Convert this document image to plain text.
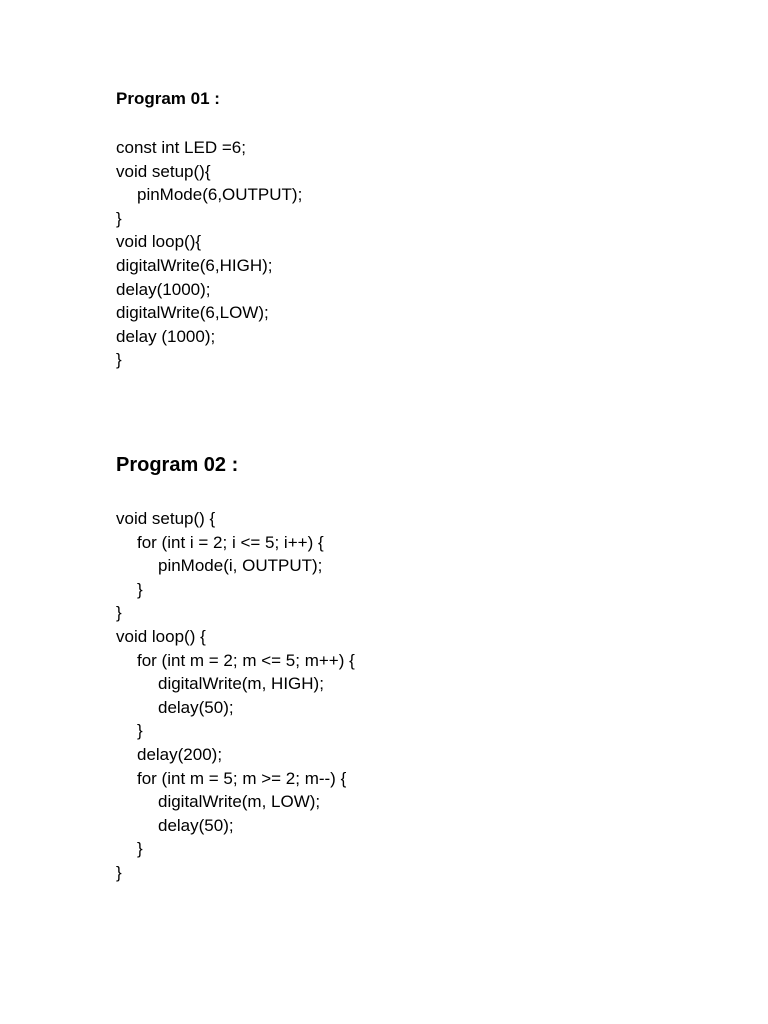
Program 01 :
const int LED =6;
void setup(){
pinMode(6,OUTPUT);
}
void loop(){
digitalWrite(6,HIGH);
delay(1000);
digitalWrite(6,LOW);
delay (1000);
}
Program 02 :
void setup() {
for (int i = 2; i <= 5; i++) {
pinMode(i, OUTPUT);
}
}
void loop() {
for (int m = 2; m <= 5; m++) {
digitalWrite(m, HIGH);
delay(50);
}
delay(200);
for (int m = 5; m >= 2; m--) {
digitalWrite(m, LOW);
delay(50);
}
}
